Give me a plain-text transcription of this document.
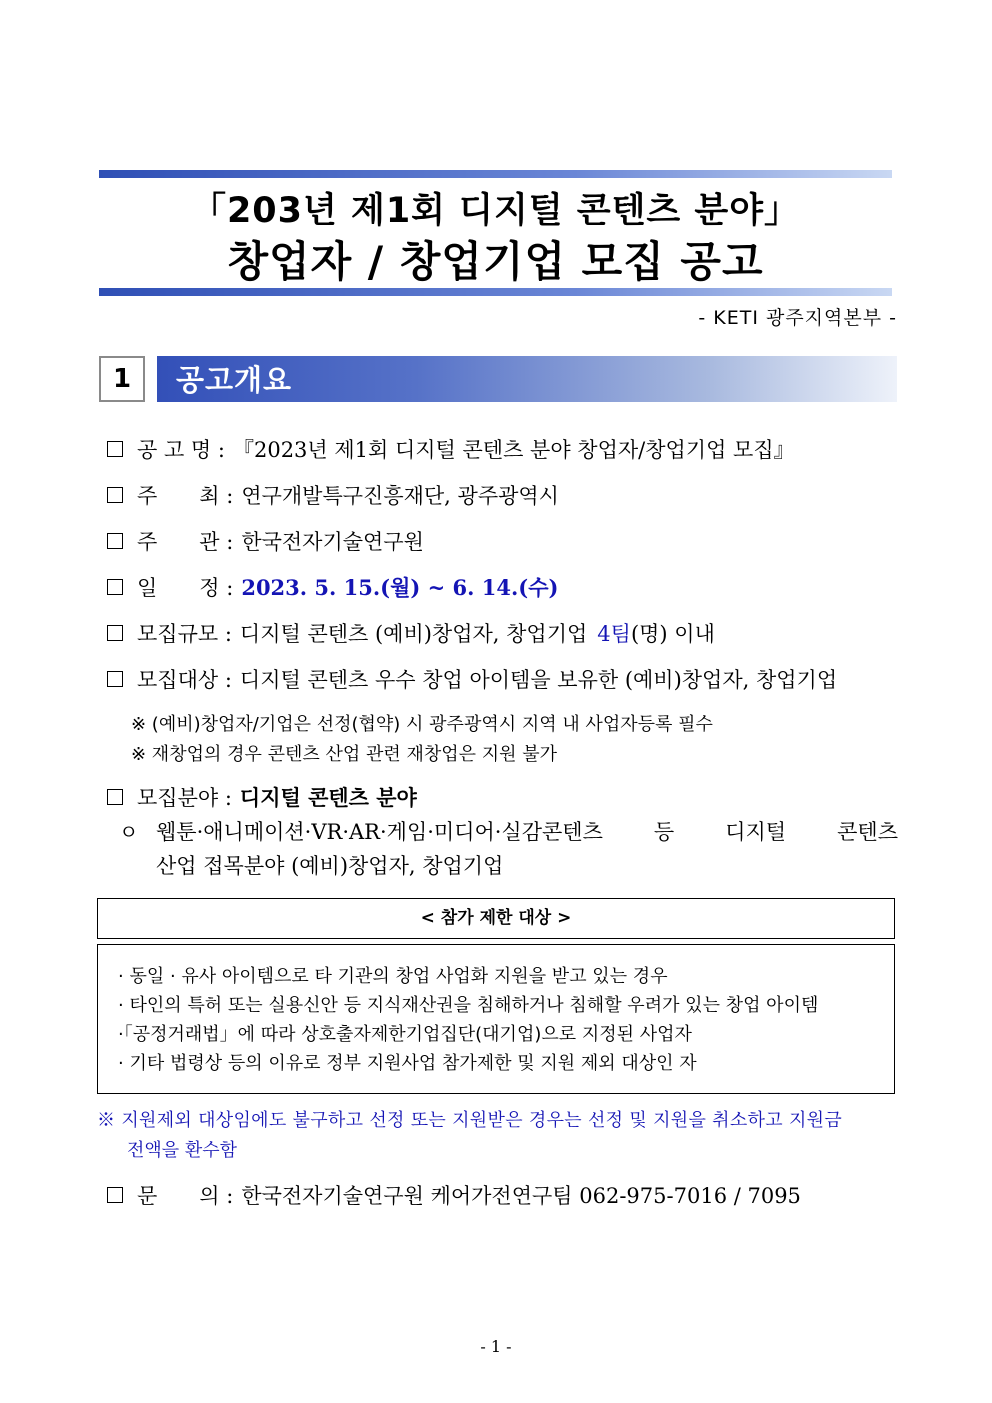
「203년 제1회 디지털 콘텐츠 분야」
창업자 / 창업기업 모집 공고
- KETI 광주지역본부 -
1	공고개요
공 고 명 : 『2023년 제1회 디지털 콘텐츠 분야 창업자/창업기업 모집』
주　　최 : 연구개발특구진흥재단, 광주광역시
주　　관 : 한국전자기술연구원
일　　정 : 2023. 5. 15.(월) ~ 6. 14.(수)
모집규모 : 디지털 콘텐츠 (예비)창업자, 창업기업 4팀 (명) 이내
모집대상 : 디지털 콘텐츠 우수 창업 아이템을 보유한 (예비)창업자, 창업기업
※ (예비)창업자/기업은 선정(협약) 시 광주광역시 지역 내 사업자등록 필수
※ 재창업의 경우 콘텐츠 산업 관련 재창업은 지원 불가
모집분야 : 디지털 콘텐츠 분야
ㅇ 웹툰·애니메이션·VR·AR·게임·미디어·실감콘텐츠 등 디지털 콘텐츠
산업 접목분야 (예비)창업자, 창업기업
< 참가 제한 대상 >
· 동일 · 유사 아이템으로 타 기관의 창업 사업화 지원을 받고 있는 경우
· 타인의 특허 또는 실용신안 등 지식재산권을 침해하거나 침해할 우려가 있는 창업 아이템
·「공정거래법」에 따라 상호출자제한기업집단(대기업)으로 지정된 사업자
· 기타 법령상 등의 이유로 정부 지원사업 참가제한 및 지원 제외 대상인 자
※ 지원제외 대상임에도 불구하고 선정 또는 지원받은 경우는 선정 및 지원을 취소하고 지원금
전액을 환수함
문　　의 : 한국전자기술연구원 케어가전연구팀 062-975-7016 / 7095
- 1 -
